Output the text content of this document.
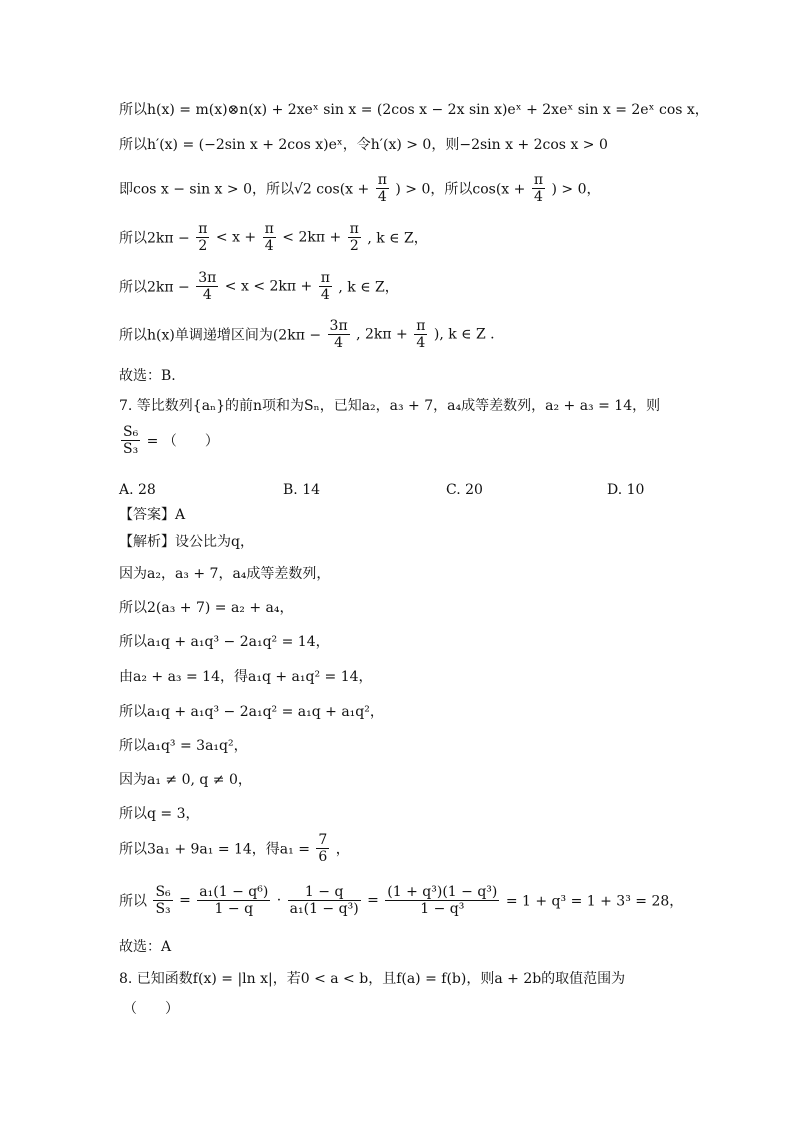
所以h(x) = m(x)⊗n(x) + 2xeˣ sin x = (2cos x − 2x sin x)eˣ + 2xeˣ sin x = 2eˣ cos x，
所以h′(x) = (−2sin x + 2cos x)eˣ，令h′(x) > 0，则−2sin x + 2cos x > 0
即cos x − sin x > 0，所以√2 $\cos(x + \frac{\pi}{4}$ ) > 0，所以$\cos(x + \frac{\pi}{4}$ ) > 0，
所以$2k\pi - \frac{\pi}{2} < x + \frac{\pi}{4} < 2k\pi + \frac{\pi}{2}$ , k ∈ Z，
所以$2k\pi - \frac{3\pi}{4} < x < 2k\pi + \frac{\pi}{4}$ , k ∈ Z，
所以h(x)单调递增区间为($2k\pi - \frac{3\pi}{4}$ , $2k\pi + \frac{\pi}{4}$ ), k ∈ Z .
故选：B.
7. 等比数列{aₙ}的前n项和为Sₙ，已知a₂，a₃ + 7，a₄成等差数列，a₂ + a₃ = 14，则
$\frac{\text{S₆}}{\text{S₃}}$ = （　　）
A. 28	B. 14	C. 20	D. 10
【答案】A
【解析】设公比为q，
因为a₂，a₃ + 7，a₄成等差数列，
所以2(a₃ + 7) = a₂ + a₄，
所以a₁q + a₁q³ − 2a₁q² = 14，
由a₂ + a₃ = 14，得a₁q + a₁q² = 14，
所以a₁q + a₁q³ − 2a₁q² = a₁q + a₁q²，
所以a₁q³ = 3a₁q²，
因为a₁ ≠ 0, q ≠ 0，
所以q = 3，
所以3a₁ + 9a₁ = 14，得$a_1 = \frac{7}{6}$ ，
所以 $\frac{\text{S₆}}{\text{S₃}} = \frac{\text{a₁(1 − q⁶)}}{1 - q} \cdot \frac{1 - q}{\text{a₁(1 − q³)}} = \frac{\text{(1 + q³)(1 − q³)}}{\text{1 − q³}} = 1 + q^3 = 1 + 3^3 = 28$，
故选：A
8. 已知函数f(x) = |ln x|，若0 < a < b，且f(a) = f(b)，则a + 2b的取值范围为
（　　）
